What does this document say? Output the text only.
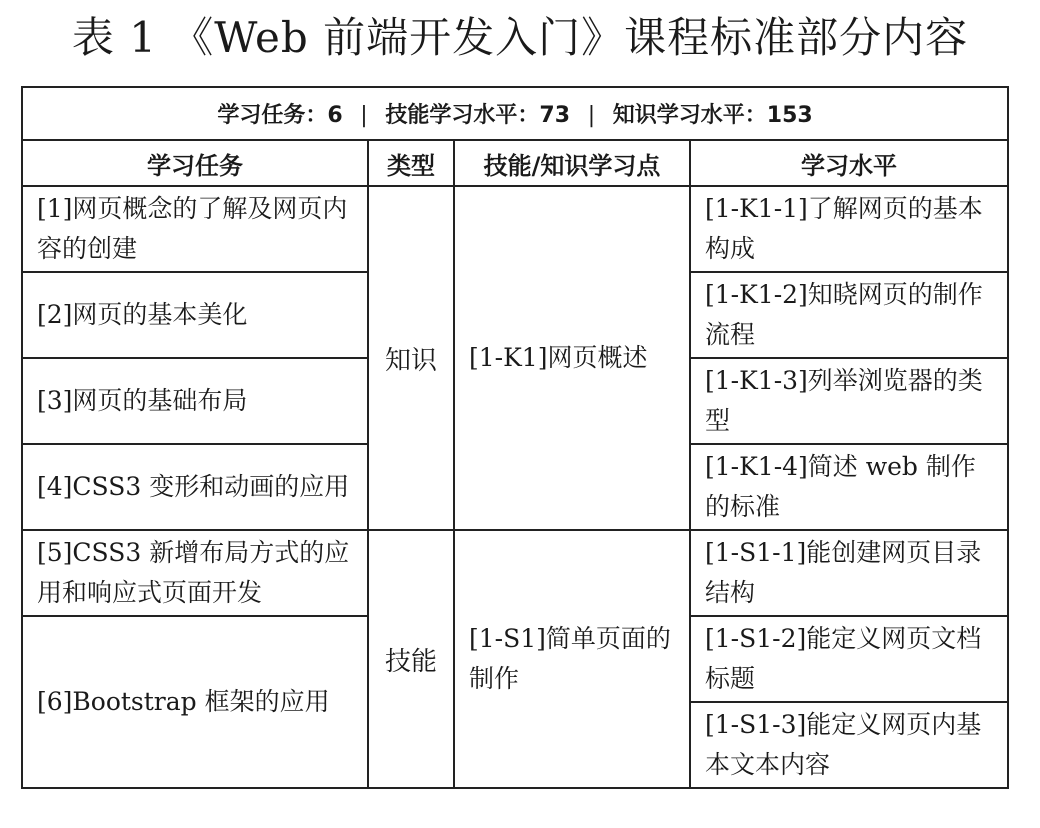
表 1 《Web 前端开发入门》课程标准部分内容
学习任务：6 | 技能学习水平：73 | 知识学习水平：153			
学习任务	类型	技能/知识学习点	学习水平

[1]网页概念的了解及网页内容的创建	知识	[1-K1]网页概述	[1-K1-1]了解网页的基本构成

[2]网页的基本美化			[1-K1-2]知晓网页的制作流程

[3]网页的基础布局			[1-K1-3]列举浏览器的类型

[4]CSS3 变形和动画的应用			[1-K1-4]简述 web 制作的标准

[5]CSS3 新增布局方式的应用和响应式页面开发	技能	[1-S1]简单页面的制作	[1-S1-1]能创建网页目录结构

[6]Bootstrap 框架的应用			[1-S1-2]能定义网页文档标题

			[1-S1-3]能定义网页内基本文本内容
